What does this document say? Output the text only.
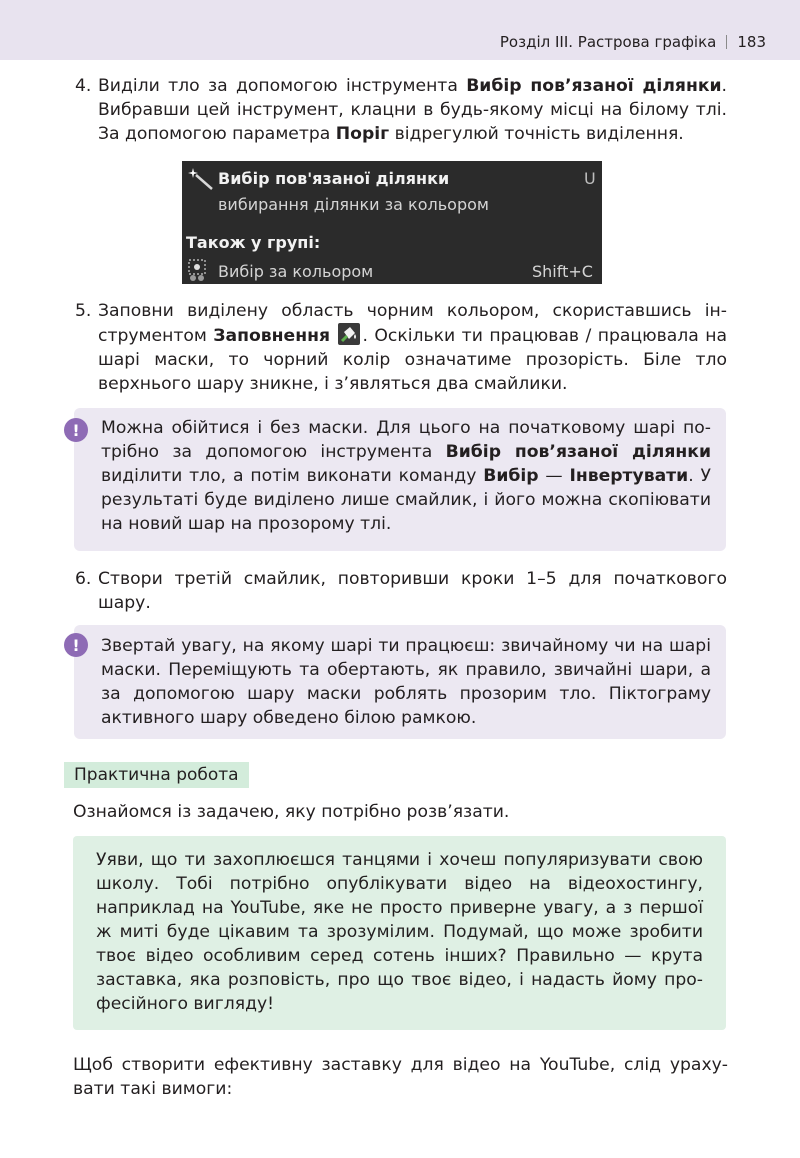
Розділ ІІІ. Растрова графіка 183
4. Виділи тло за допомогою інструмента Вибір пов’язаної ділянки. Вибравши цей інструмент, клацни в будь-якому місці на білому тлі. За допомогою параметра Поріг відрегулюй точність виділення.
Вибір пов'язаної ділянки	U
вибирання ділянки за кольором
Також у групі:
Вибір за кольором	Shift+C
5. Заповни виділену область чорним кольором, скориставшись інструментом Заповнення . Оскільки ти працював / працювала на шарі маски, то чорний колір означатиме прозорість. Біле тло верхнього шару зникне, і з’являться два смайлики.
Можна обійтися і без маски. Для цього на початковому шарі потрібно за допомогою інструмента Вибір пов’язаної ділянки виділити тло, а потім виконати команду Вибір — Інвертувати. У результаті буде виділено лише смайлик, і його можна скопіювати на новий шар на прозорому тлі.
!
6. Створи третій смайлик, повторивши кроки 1–5 для початкового шару.
Звертай увагу, на якому шарі ти працюєш: звичайному чи на шарі маски. Переміщують та обертають, як правило, звичайні шари, а за допомогою шару маски роблять прозорим тло. Піктограму активного шару обведено білою рамкою.
!
Практична робота
Ознайомся із задачею, яку потрібно розв’язати.
Уяви, що ти захоплюєшся танцями і хочеш популяризувати свою школу. Тобі потрібно опублікувати відео на відеохостингу, наприклад на YouTube, яке не просто приверне увагу, а з першої ж миті буде цікавим та зрозумілим. Подумай, що може зробити твоє відео особливим серед сотень інших? Правильно — крута заставка, яка розповість, про що твоє відео, і надасть йому професійного вигляду!
Щоб створити ефективну заставку для відео на YouTube, слід урахувати такі вимоги:
